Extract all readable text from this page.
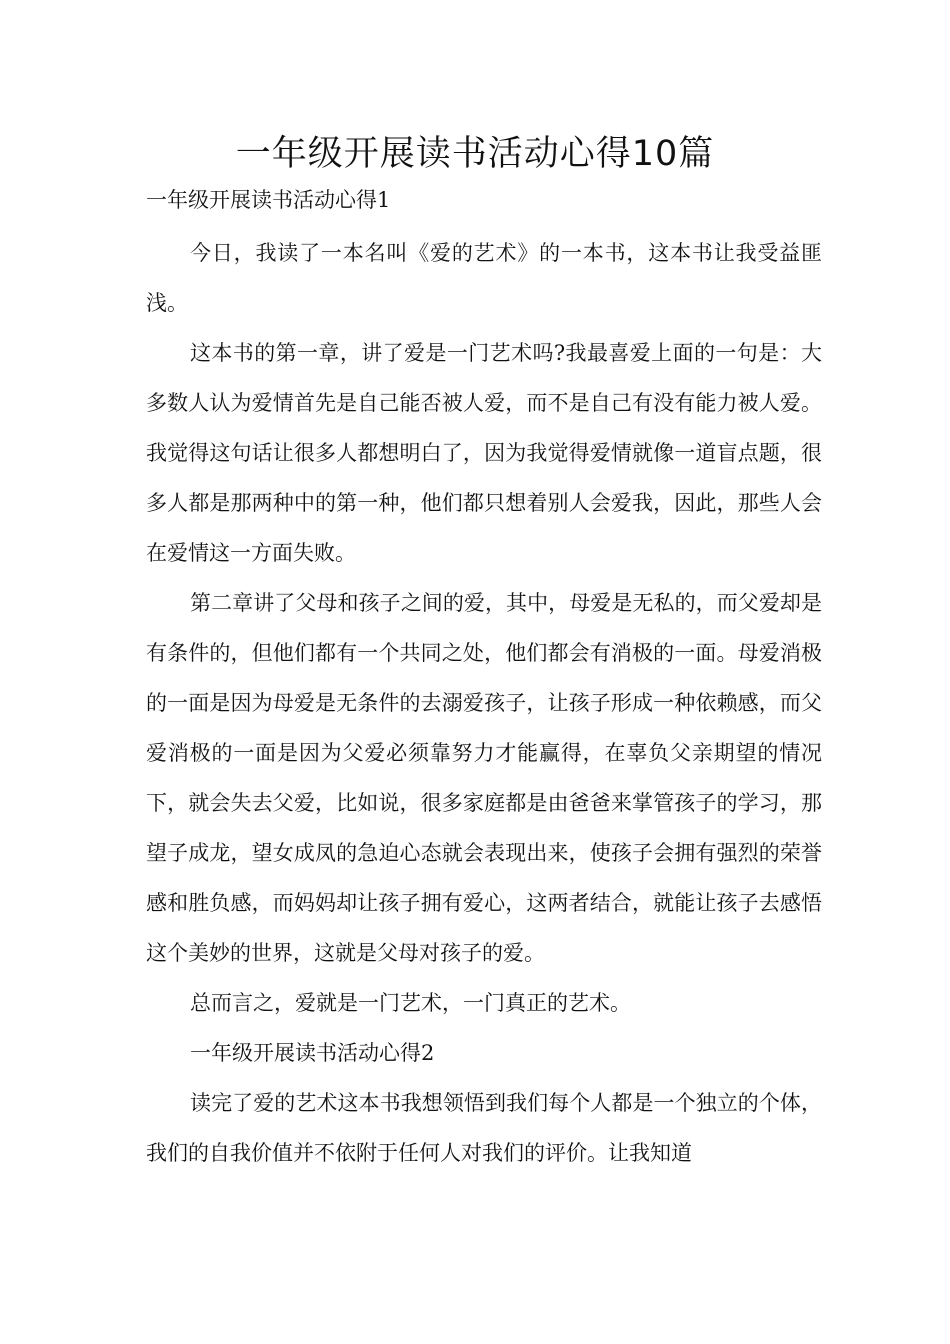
一年级开展读书活动心得10篇
一年级开展读书活动心得1

今日，我读了一本名叫《爱的艺术》的一本书，这本书让我受益匪浅。

这本书的第一章，讲了爱是一门艺术吗?我最喜爱上面的一句是：大多数人认为爱情首先是自己能否被人爱，而不是自己有没有能力被人爱。我觉得这句话让很多人都想明白了，因为我觉得爱情就像一道盲点题，很多人都是那两种中的第一种，他们都只想着别人会爱我，因此，那些人会在爱情这一方面失败。

第二章讲了父母和孩子之间的爱，其中，母爱是无私的，而父爱却是有条件的，但他们都有一个共同之处，他们都会有消极的一面。母爱消极的一面是因为母爱是无条件的去溺爱孩子，让孩子形成一种依赖感，而父爱消极的一面是因为父爱必须靠努力才能赢得，在辜负父亲期望的情况下，就会失去父爱，比如说，很多家庭都是由爸爸来掌管孩子的学习，那望子成龙，望女成凤的急迫心态就会表现出来，使孩子会拥有强烈的荣誉感和胜负感，而妈妈却让孩子拥有爱心，这两者结合，就能让孩子去感悟这个美妙的世界，这就是父母对孩子的爱。

总而言之，爱就是一门艺术，一门真正的艺术。

一年级开展读书活动心得2

读完了爱的艺术这本书我想领悟到我们每个人都是一个独立的个体，我们的自我价值并不依附于任何人对我们的评价。让我知道
